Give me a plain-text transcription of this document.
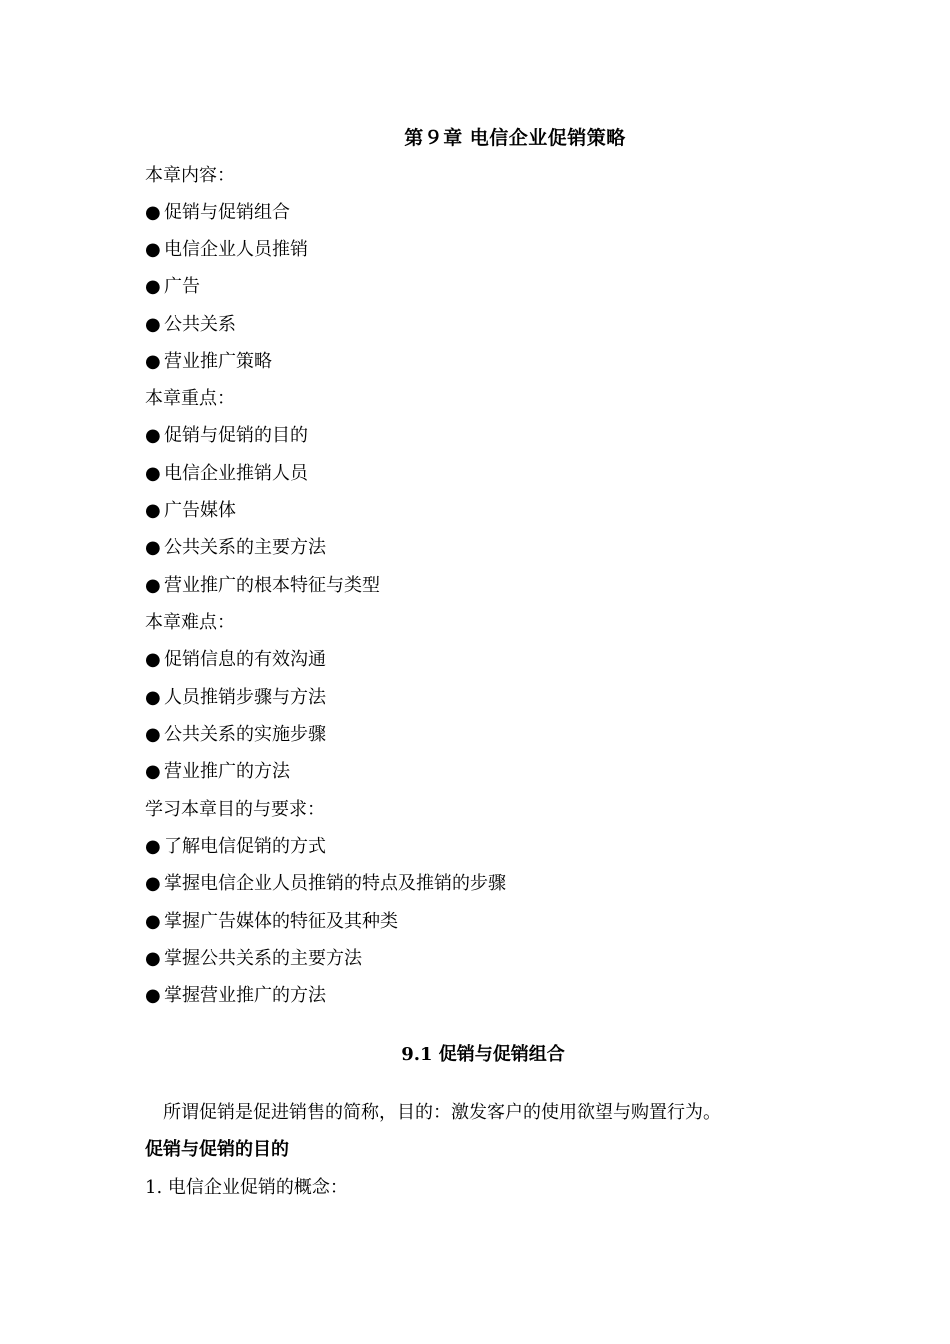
第９章 电信企业促销策略
本章内容：
● 促销与促销组合
● 电信企业人员推销
● 广告
● 公共关系
● 营业推广策略
本章重点：
● 促销与促销的目的
● 电信企业推销人员
● 广告媒体
● 公共关系的主要方法
● 营业推广的根本特征与类型
本章难点：
● 促销信息的有效沟通
● 人员推销步骤与方法
● 公共关系的实施步骤
● 营业推广的方法
学习本章目的与要求：
● 了解电信促销的方式
● 掌握电信企业人员推销的特点及推销的步骤
● 掌握广告媒体的特征及其种类
● 掌握公共关系的主要方法
● 掌握营业推广的方法
9.1 促销与促销组合
所谓促销是促进销售的简称，目的：激发客户的使用欲望与购置行为。
促销与促销的目的
1. 电信企业促销的概念：
